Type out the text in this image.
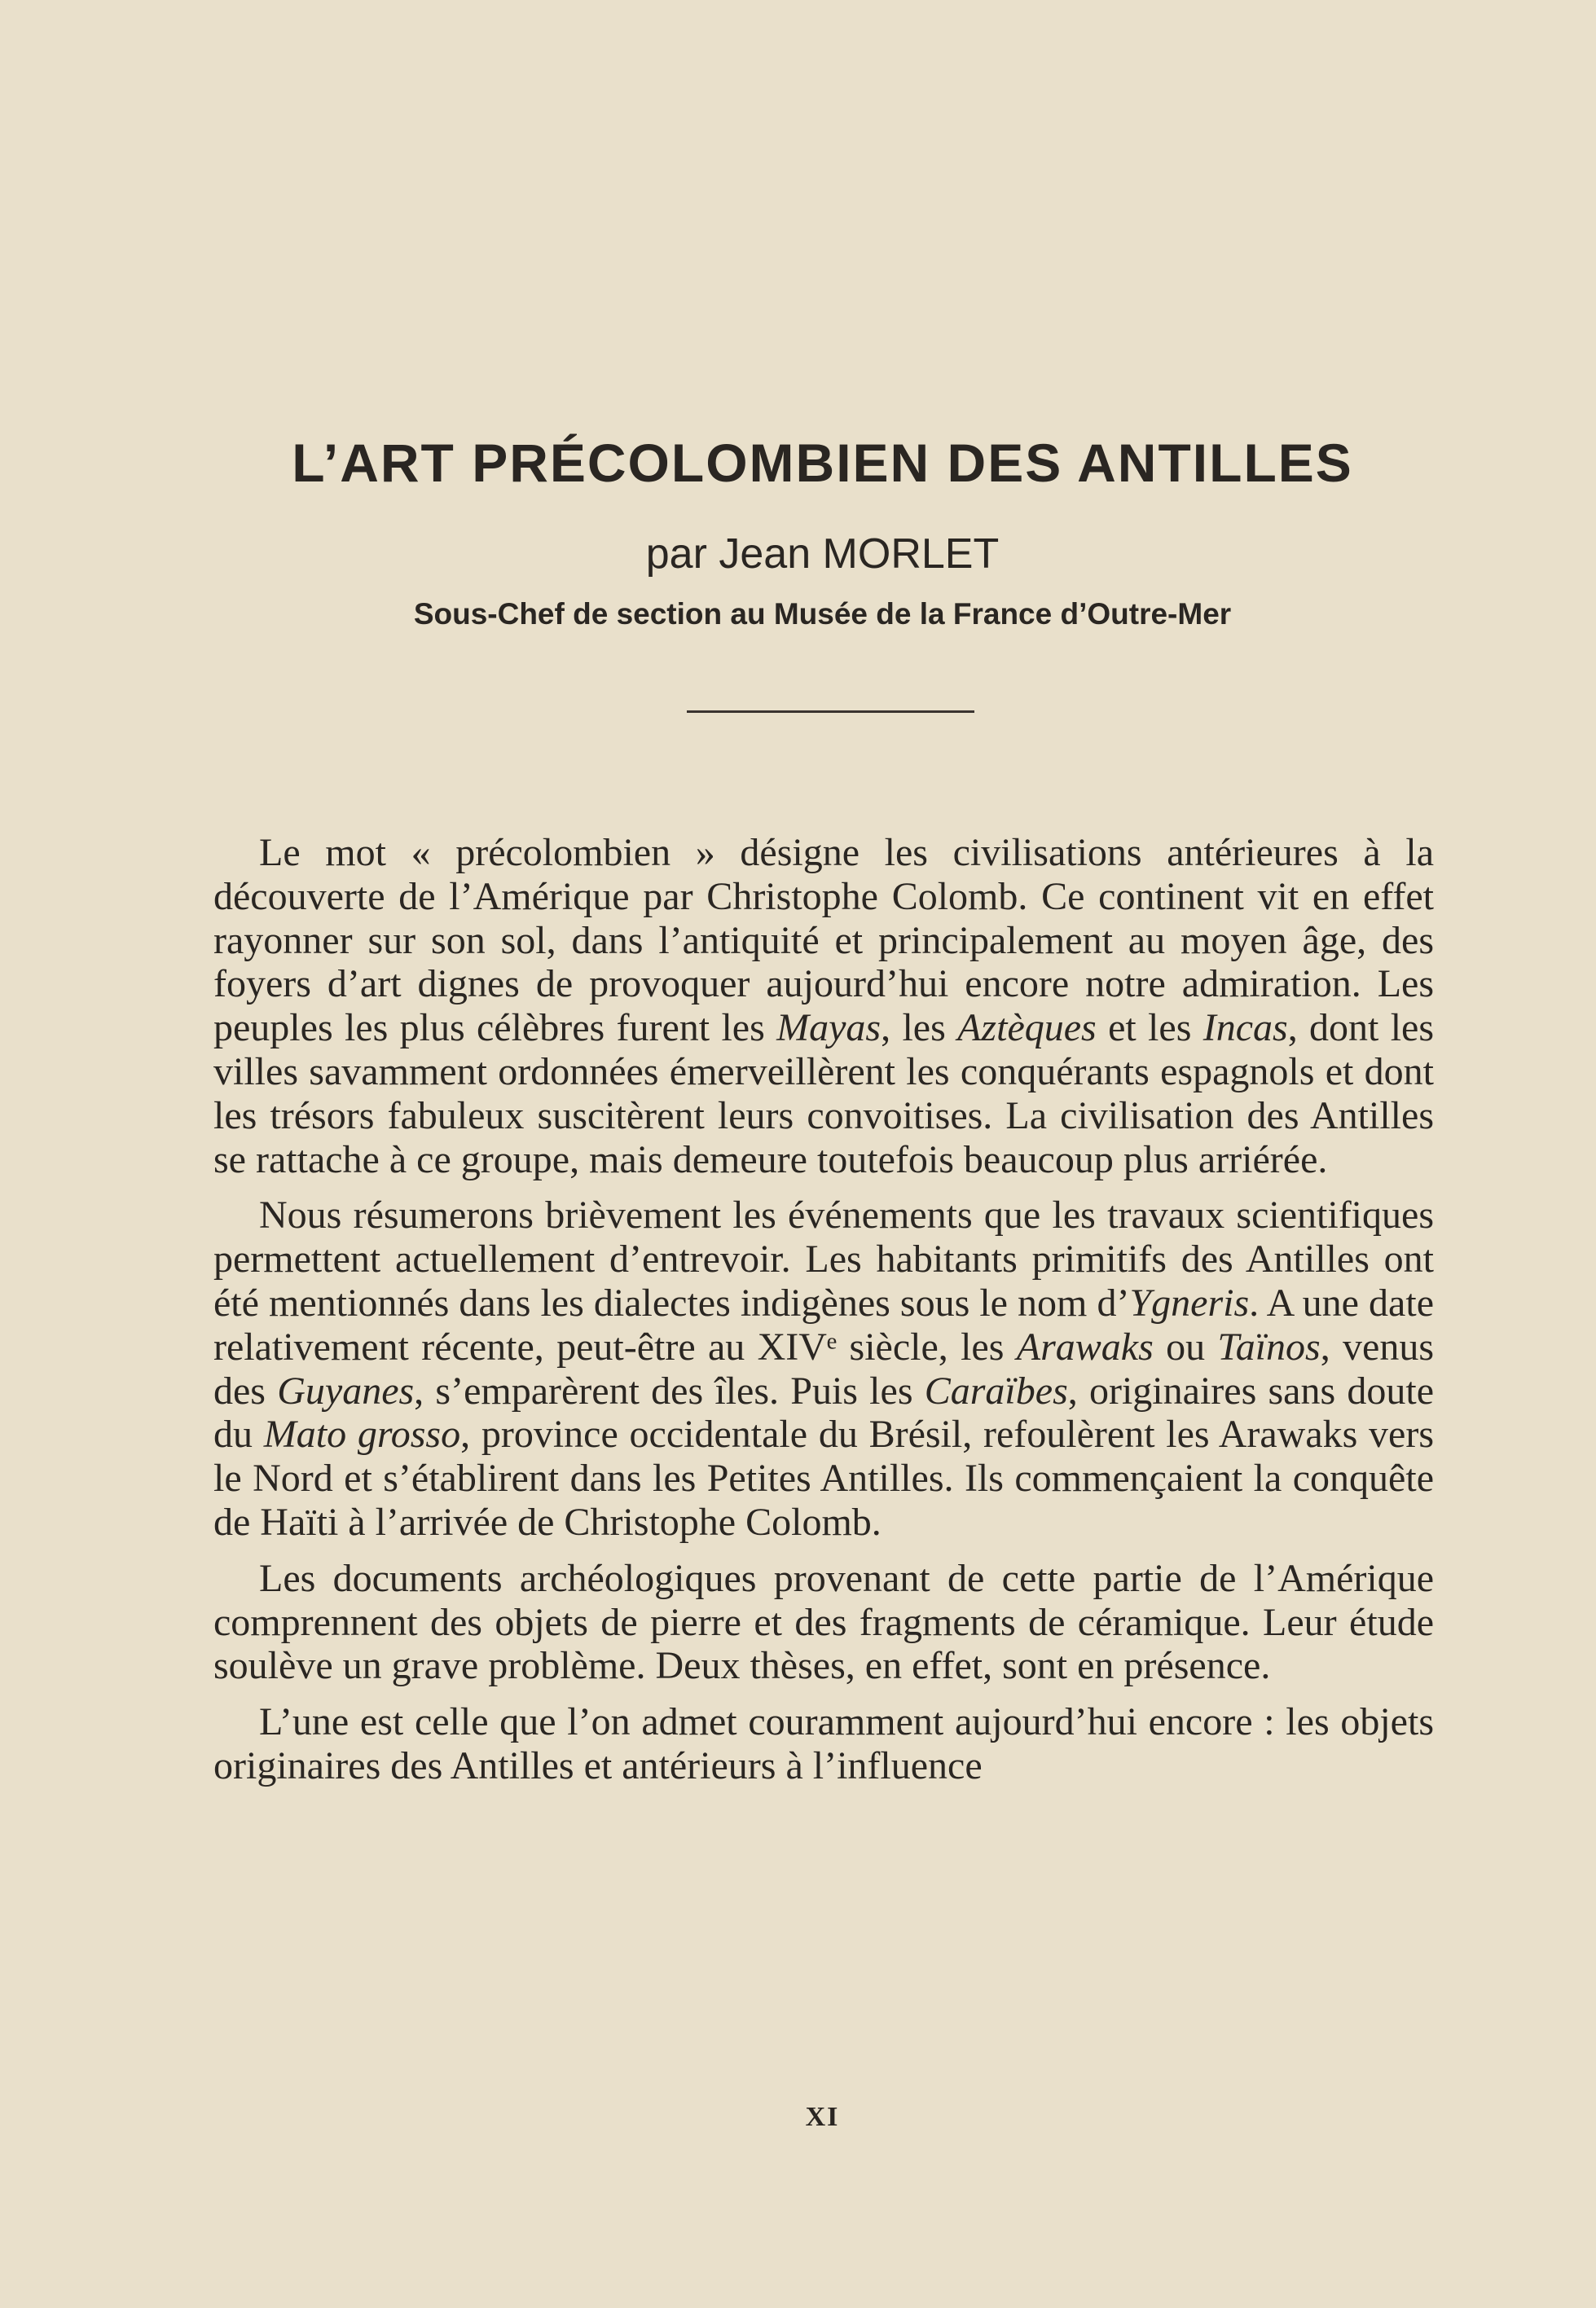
L’ART PRÉCOLOMBIEN DES ANTILLES
par Jean MORLET
Sous-Chef de section au Musée de la France d’Outre-Mer

Le mot « précolombien » désigne les civilisations antérieures à la découverte de l’Amérique par Christophe Colomb. Ce continent vit en effet rayonner sur son sol, dans l’antiquité et principalement au moyen âge, des foyers d’art dignes de provoquer aujourd’hui encore notre admiration. Les peuples les plus célèbres furent les Mayas, les Aztèques et les Incas, dont les villes savamment ordonnées émerveillèrent les conquérants espagnols et dont les trésors fabuleux suscitèrent leurs convoitises. La civilisation des Antilles se rattache à ce groupe, mais demeure toutefois beaucoup plus arriérée.

Nous résumerons brièvement les événements que les travaux scientifiques permettent actuellement d’entrevoir. Les habitants primitifs des Antilles ont été mentionnés dans les dialectes indigènes sous le nom d’Ygneris. A une date relativement récente, peut-être au XIVᵉ siècle, les Arawaks ou Taïnos, venus des Guyanes, s’emparèrent des îles. Puis les Caraïbes, originaires sans doute du Mato grosso, province occidentale du Brésil, refoulèrent les Arawaks vers le Nord et s’établirent dans les Petites Antilles. Ils commençaient la conquête de Haïti à l’arrivée de Christophe Colomb.

Les documents archéologiques provenant de cette partie de l’Amérique comprennent des objets de pierre et des fragments de céramique. Leur étude soulève un grave problème. Deux thèses, en effet, sont en présence.

L’une est celle que l’on admet couramment aujourd’hui encore : les objets originaires des Antilles et antérieurs à l’influence

XI
